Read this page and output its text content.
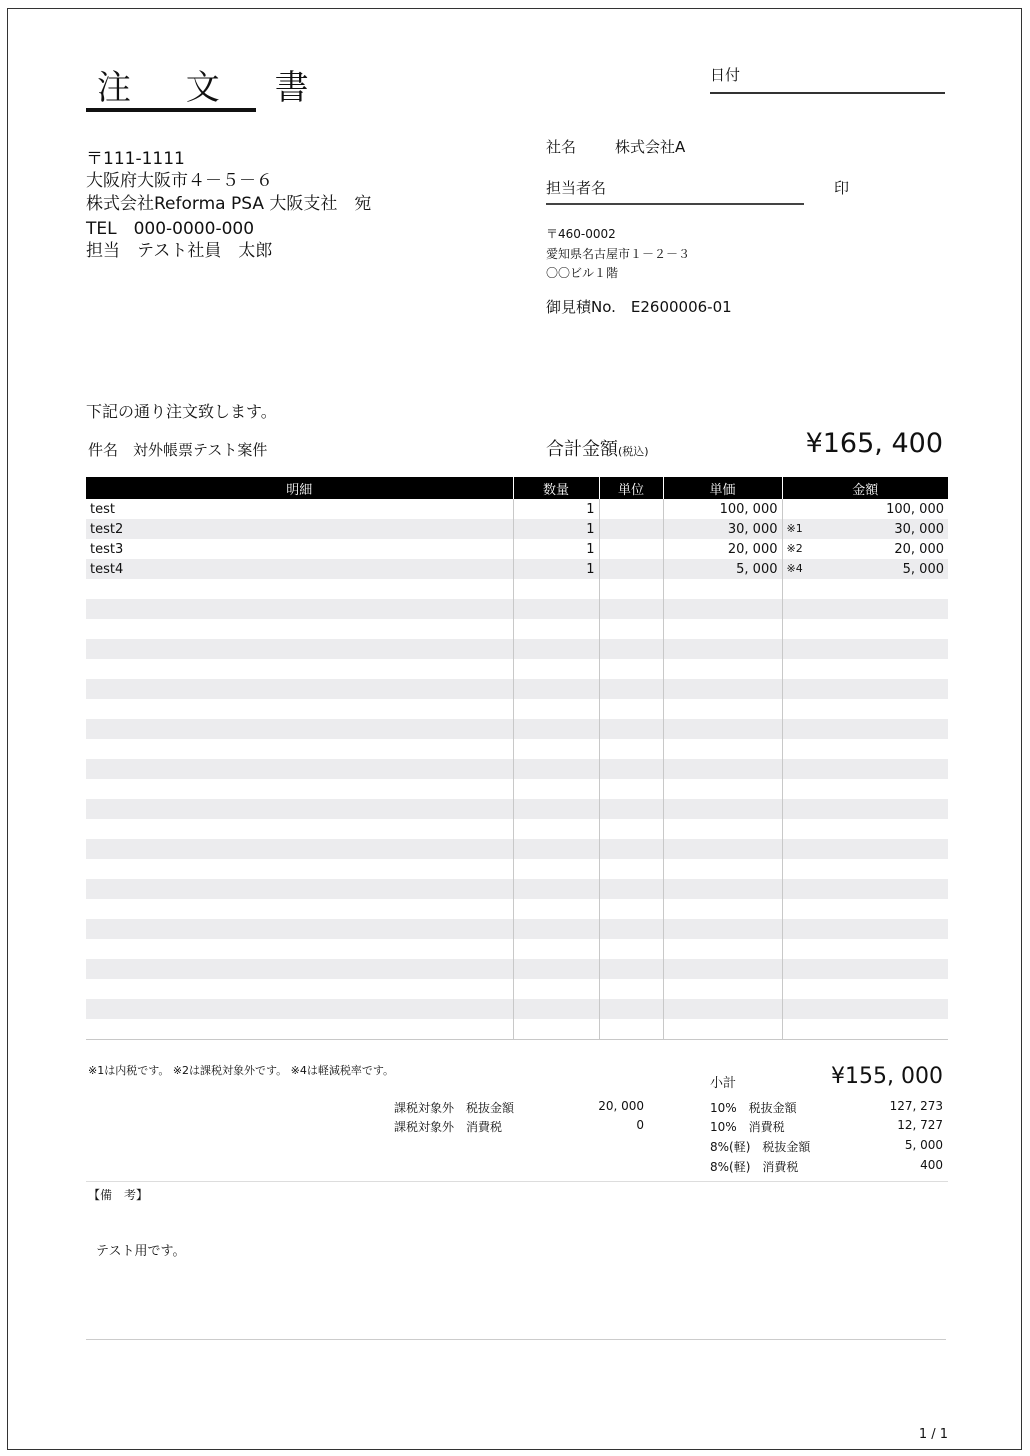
注 文 書	日付
〒111-1111
大阪府大阪市４－５－６
株式会社Reforma PSA 大阪支社　宛
TEL　000-0000-000
担当　テスト社員　太郎
社名	株式会社A
担当者名	印
〒460-0002
愛知県名古屋市１－２－３
〇〇ビル１階
御見積No.　E2600006-01
下記の通り注文致します。
件名　対外帳票テスト案件	合計金額(税込)	¥165, 400
明細	数量	単位	単価	金額
test	1		100, 000	100, 000
test2	1		30, 000	※1 30, 000
test3	1		20, 000	※2 20, 000
test4	1		5, 000	※4 5, 000

※1は内税です。 ※2は課税対象外です。 ※4は軽減税率です。
小計	¥155, 000
課税対象外　税抜金額	20, 000
課税対象外　消費税	0
10%　税抜金額	127, 273
10%　消費税	12, 727
8%(軽)　税抜金額	5, 000
8%(軽)　消費税	400
【備　考】
テスト用です。
1 / 1
